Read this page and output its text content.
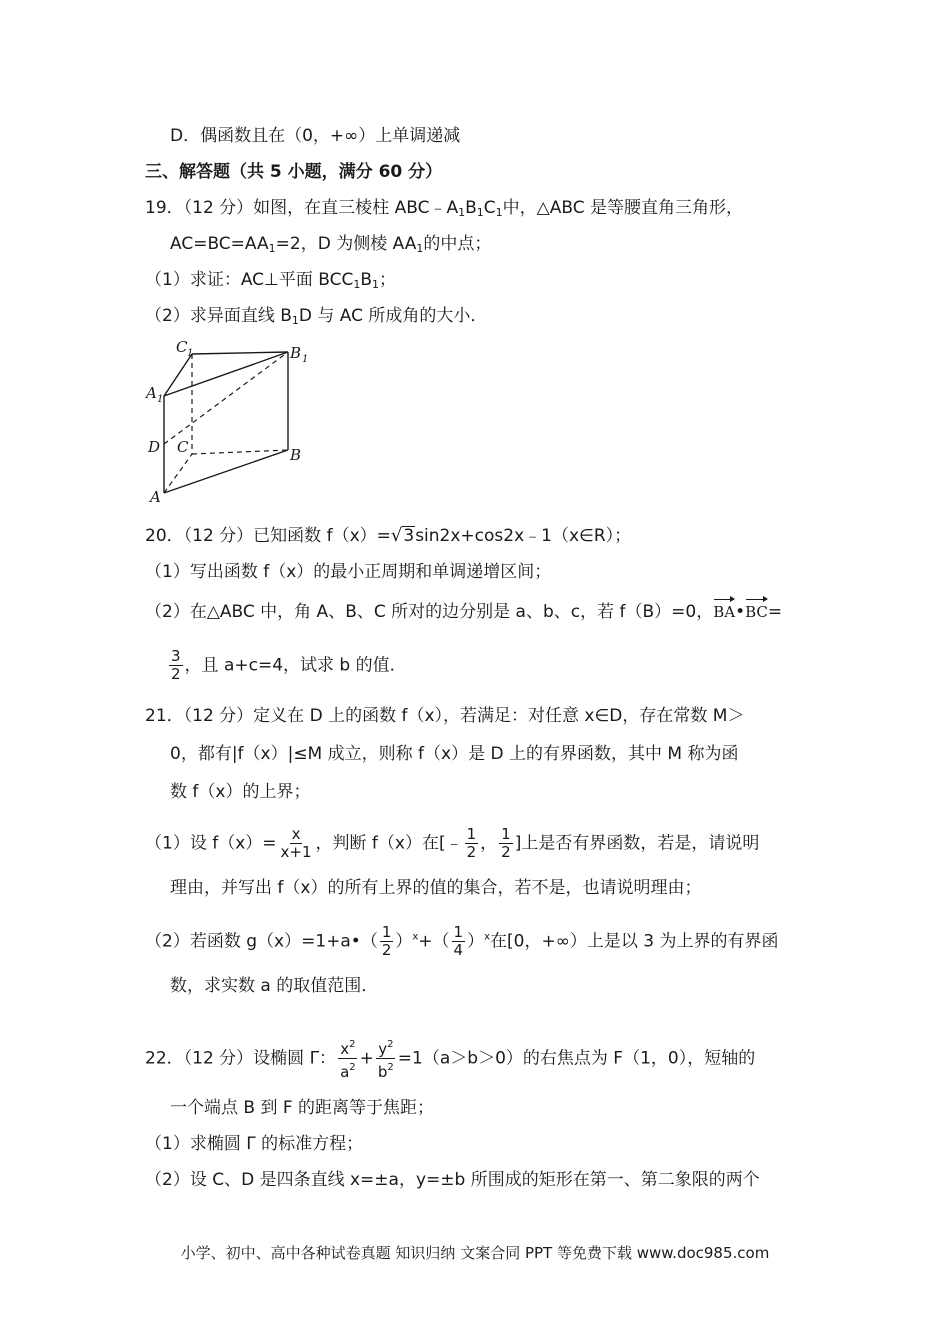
D．偶函数且在（0，+∞）上单调递减
三、解答题（共 5 小题，满分 60 分）
19．（12 分）如图，在直三棱柱 $ABC﹣A_1B_1C_1$中，△ABC 是等腰直角三角形，
$AC=BC=AA_1=2$，D 为侧棱 $AA_1$的中点；
（1）求证：AC⊥平面 $BCC_1B_1$；
（2）求异面直线 $B_1D$ 与 AC 所成角的大小．
C 1	B 1
A 1
D C	B
A
20．（12 分）已知函数 f（x）=√3sin2x+cos2x﹣1（x∈R）；
（1）写出函数 f（x）的最小正周期和单调递增区间；
（2）在△ABC 中，角 A、B、C 所对的边分别是 a、b、c，若 f（B）=0，BA•BC=
$\frac{3}{2}$ ，且 a+c=4，试求 b 的值．
21．（12 分）定义在 D 上的函数 f（x），若满足：对任意 x∈D，存在常数 M＞
0，都有|f（x）|≤M 成立，则称 f（x）是 D 上的有界函数，其中 M 称为函
数 f（x）的上界；
（1）设 $f(x)= \frac{x}{x+1}$ ，判断 f（x）在[﹣ $\frac{1}{2}$ ， $\frac{1}{2}$ ]上是否有界函数，若是，请说明
理由，并写出 f（x）的所有上界的值的集合，若不是，也请说明理由；
（2）若函数 g（x）=1+a•（ $\frac{1}{2} )^x+( \frac{1}{4} )^x$在[0，+∞）上是以 3 为上界的有界函
数，求实数 a 的取值范围．
22．（12 分）设椭圆 Γ： $\frac{x^2}{a^2} + \frac{y^2}{b^2} =1(a>b>0)$的右焦点为 F（1，0），短轴的
一个端点 B 到 F 的距离等于焦距；
（1）求椭圆 Γ 的标准方程；
（2）设 C、D 是四条直线 x=±a，y=±b 所围成的矩形在第一、第二象限的两个
小学、初中、高中各种试卷真题 知识归纳 文案合同 PPT 等免费下载 www.doc985.com
